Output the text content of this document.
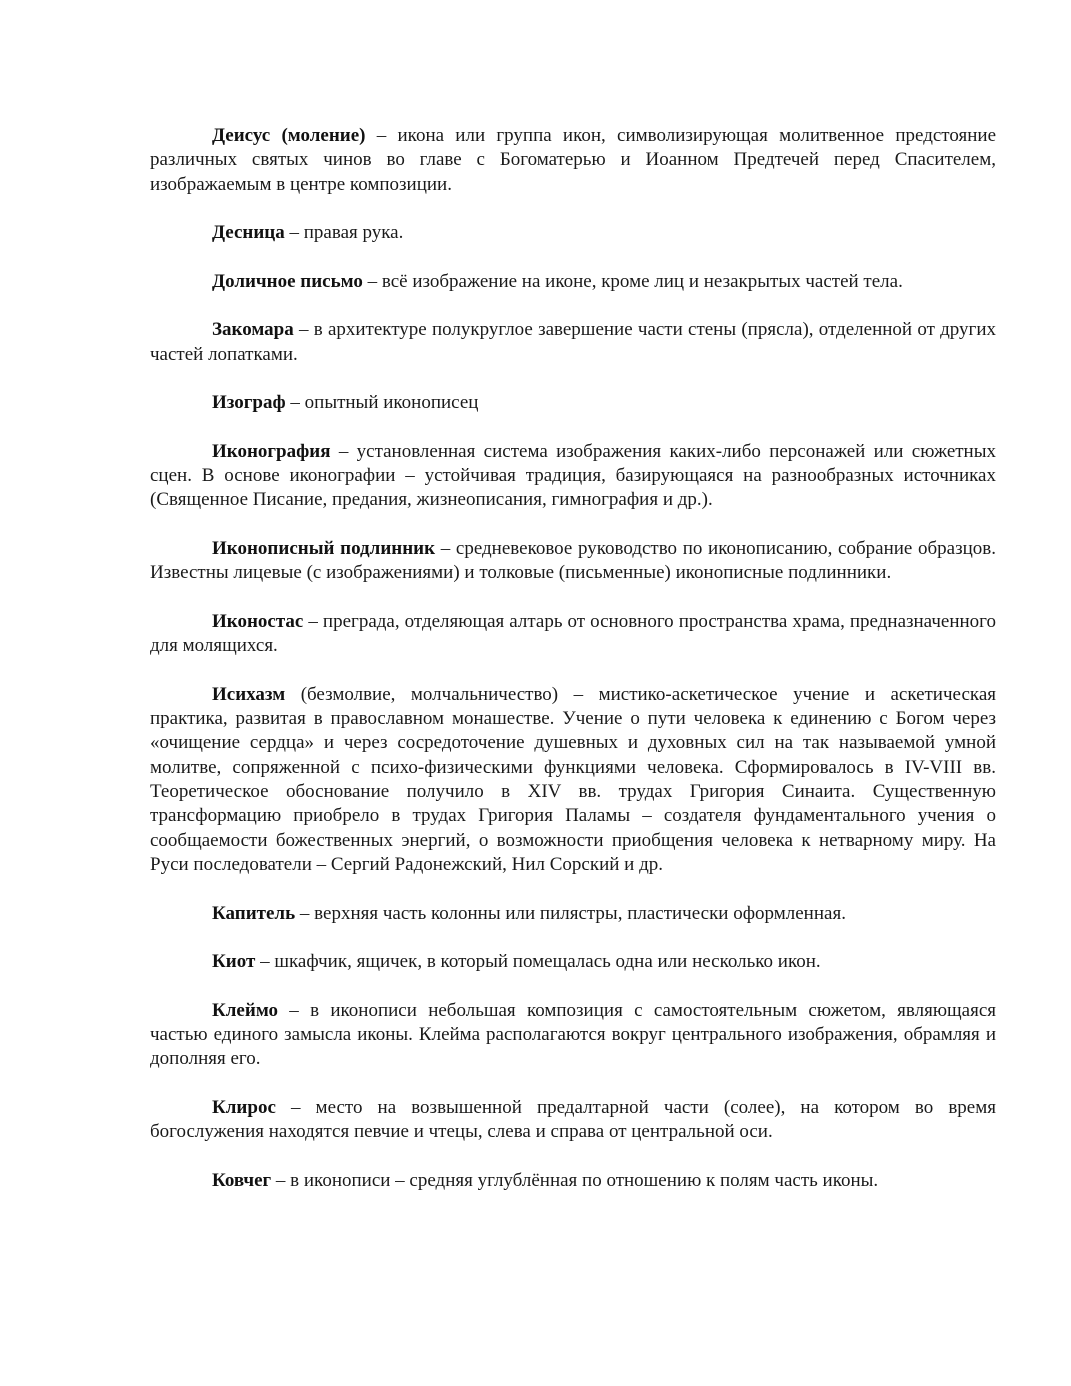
Деисус (моление) – икона или группа икон, символизирующая молитвенное предстояние различных святых чинов во главе с Богоматерью и Иоанном Предтечей перед Спасителем, изображаемым в центре композиции.

Десница – правая рука.

Доличное письмо – всё изображение на иконе, кроме лиц и незакрытых частей тела.

Закомара – в архитектуре полукруглое завершение части стены (прясла), отделенной от других частей лопатками.

Изограф – опытный иконописец

Иконография – установленная система изображения каких-либо персонажей или сюжетных сцен. В основе иконографии – устойчивая традиция, базирующаяся на разнообразных источниках (Священное Писание, предания, жизнеописания, гимнография и др.).

Иконописный подлинник – средневековое руководство по иконописанию, собрание образцов. Известны лицевые (с изображениями) и толковые (письменные) иконописные подлинники.

Иконостас – преграда, отделяющая алтарь от основного пространства храма, предназначенного для молящихся.

Исихазм (безмолвие, молчальничество) – мистико-аскетическое учение и аскетическая практика, развитая в православном монашестве. Учение о пути человека к единению с Богом через «очищение сердца» и через сосредоточение душевных и духовных сил на так называемой умной молитве, сопряженной с психо-физическими функциями человека. Сформировалось в IV-VIII вв. Теоретическое обоснование получило в XIV вв. трудах Григория Синаита. Существенную трансформацию приобрело в трудах Григория Паламы – создателя фундаментального учения о сообщаемости божественных энергий, о возможности приобщения человека к нетварному миру. На Руси последователи – Сергий Радонежский, Нил Сорский и др.

Капитель – верхняя часть колонны или пилястры, пластически оформленная.

Киот – шкафчик, ящичек, в который помещалась одна или несколько икон.

Клеймо – в иконописи небольшая композиция с самостоятельным сюжетом, являющаяся частью единого замысла иконы. Клейма располагаются вокруг центрального изображения, обрамляя и дополняя его.

Клирос – место на возвышенной предалтарной части (солее), на котором во время богослужения находятся певчие и чтецы, слева и справа от центральной оси.

Ковчег – в иконописи – средняя углублённая по отношению к полям часть иконы.
